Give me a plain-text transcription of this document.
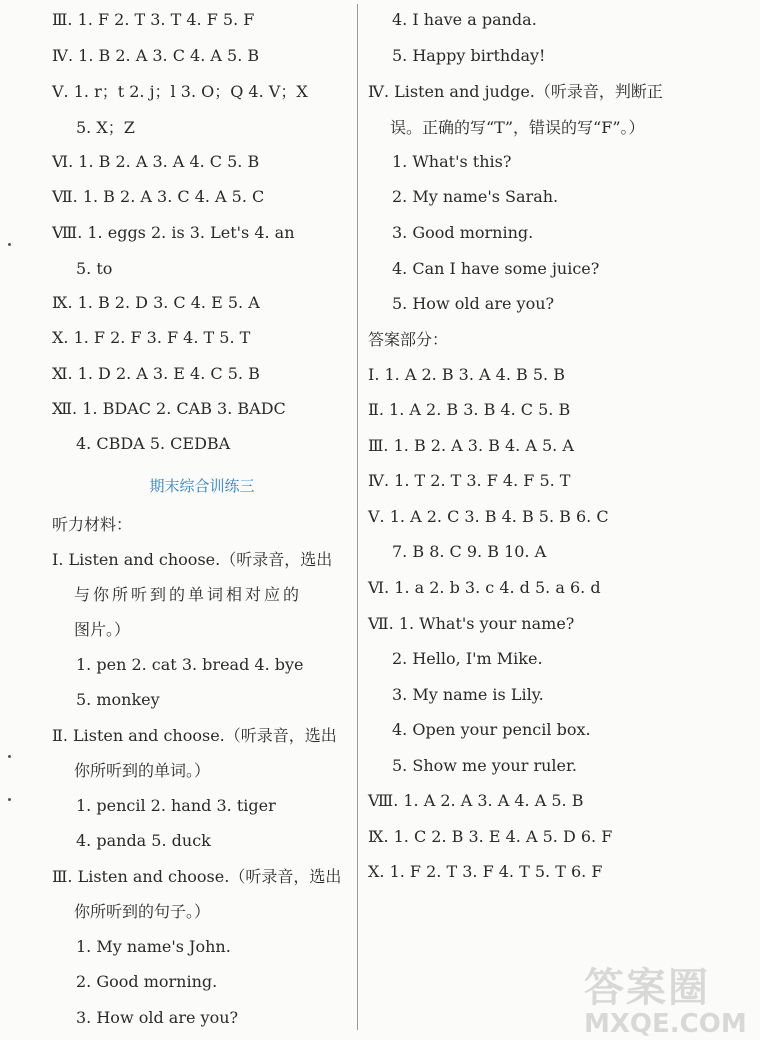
Ⅲ. 1. F 2. T 3. T 4. F 5. F
Ⅳ. 1. B 2. A 3. C 4. A 5. B
Ⅴ. 1. r；t 2. j；l 3. O；Q 4. V；X
5. X；Z
Ⅵ. 1. B 2. A 3. A 4. C 5. B
Ⅶ. 1. B 2. A 3. C 4. A 5. C
Ⅷ. 1. eggs 2. is 3. Let's 4. an
5. to
Ⅸ. 1. B 2. D 3. C 4. E 5. A
Ⅹ. 1. F 2. F 3. F 4. T 5. T
Ⅺ. 1. D 2. A 3. E 4. C 5. B
Ⅻ. 1. BDAC 2. CAB 3. BADC
4. CBDA 5. CEDBA
期末综合训练三
听力材料：
Ⅰ. Listen and choose.（听录音，选出
与你所听到的单词相对应的
图片。）
1. pen 2. cat 3. bread 4. bye
5. monkey
Ⅱ. Listen and choose.（听录音，选出
你所听到的单词。）
1. pencil 2. hand 3. tiger
4. panda 5. duck
Ⅲ. Listen and choose.（听录音，选出
你所听到的句子。）
1. My name's John.
2. Good morning.
3. How old are you?
4. I have a panda.
5. Happy birthday!
Ⅳ. Listen and judge.（听录音，判断正
误。正确的写“T”，错误的写“F”。）
1. What's this?
2. My name's Sarah.
3. Good morning.
4. Can I have some juice?
5. How old are you?
答案部分：
Ⅰ. 1. A 2. B 3. A 4. B 5. B
Ⅱ. 1. A 2. B 3. B 4. C 5. B
Ⅲ. 1. B 2. A 3. B 4. A 5. A
Ⅳ. 1. T 2. T 3. F 4. F 5. T
Ⅴ. 1. A 2. C 3. B 4. B 5. B 6. C
7. B 8. C 9. B 10. A
Ⅵ. 1. a 2. b 3. c 4. d 5. a 6. d
Ⅶ. 1. What's your name?
2. Hello, I'm Mike.
3. My name is Lily.
4. Open your pencil box.
5. Show me your ruler.
Ⅷ. 1. A 2. A 3. A 4. A 5. B
Ⅸ. 1. C 2. B 3. E 4. A 5. D 6. F
Ⅹ. 1. F 2. T 3. F 4. T 5. T 6. F
答案圈
MXQE.COM
